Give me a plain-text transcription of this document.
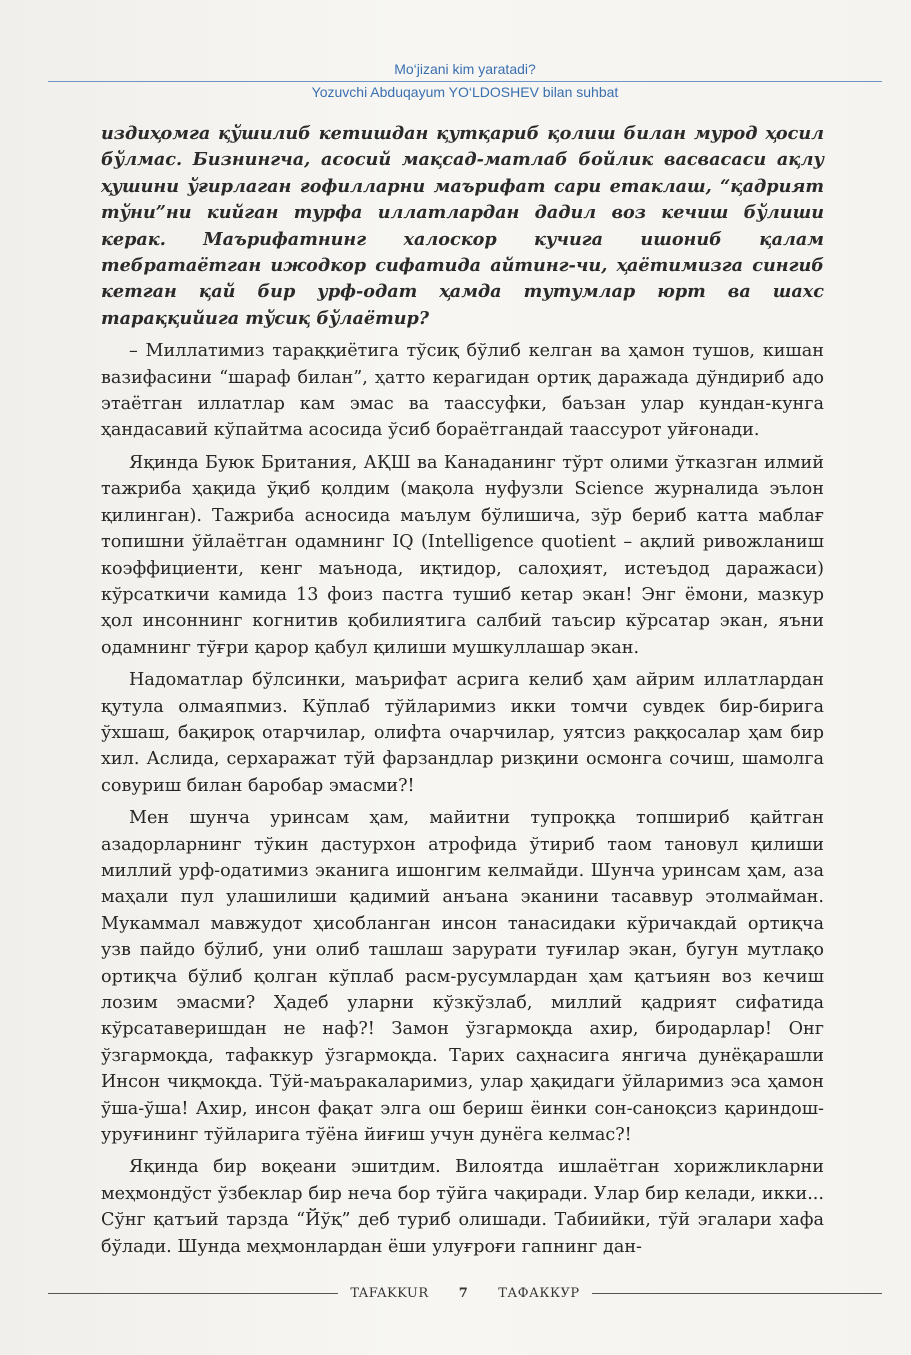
Mo‘jizani kim yaratadi?
Yozuvchi Abduqayum YO‘LDOSHEV bilan suhbat

издиҳомга қўшилиб кетишдан қутқариб қолиш билан мурод ҳосил бўлмас. Бизнингча, асосий мақсад-матлаб бойлик васвасаси ақлу ҳушини ўғирлаган ғофилларни маърифат сари етаклаш, “қадрият тўни”ни кийган турфа иллатлардан дадил воз кечиш бўлиши керак. Маърифатнинг халоскор кучига ишониб қалам тебратаётган ижодкор сифатида айтинг-чи, ҳаётимизга сингиб кетган қай бир урф-одат ҳамда тутумлар юрт ва шахс тараққийига тўсиқ бўлаётир?

– Миллатимиз тараққиётига тўсиқ бўлиб келган ва ҳамон тушов, кишан вазифасини “шараф билан”, ҳатто керагидан ортиқ даражада дўндириб адо этаётган иллатлар кам эмас ва таассуфки, баъзан улар кундан-кунга ҳандасавий кўпайтма асосида ўсиб бораётгандай таассурот уйғонади.

Яқинда Буюк Британия, АҚШ ва Канаданинг тўрт олими ўтказган илмий тажриба ҳақида ўқиб қолдим (мақола нуфузли Science журналида эълон қилинган). Тажриба асносида маълум бўлишича, зўр бериб катта маблағ топишни ўйлаётган одамнинг IQ (Intelligence quotient – ақлий ривожланиш коэффициенти, кенг маънода, иқтидор, салоҳият, истеъдод даражаси) кўрсаткичи камида 13 фоиз пастга тушиб кетар экан! Энг ёмони, мазкур ҳол инсоннинг когнитив қобилиятига салбий таъсир кўрсатар экан, яъни одамнинг тўғри қарор қабул қилиши мушкуллашар экан.

Надоматлар бўлсинки, маърифат асрига келиб ҳам айрим иллатлардан қутула олмаяпмиз. Кўплаб тўйларимиз икки томчи сувдек бир-бирига ўхшаш, бақироқ отарчилар, олифта очарчилар, уятсиз раққосалар ҳам бир хил. Аслида, серхаражат тўй фарзандлар ризқини осмонга сочиш, шамолга совуриш билан баробар эмасми?!

Мен шунча уринсам ҳам, майитни тупроққа топшириб қайтган азадорларнинг тўкин дастурхон атрофида ўтириб таом тановул қилиши миллий урф-одатимиз эканига ишонгим келмайди. Шунча уринсам ҳам, аза маҳали пул улашилиши қадимий анъана эканини тасаввур этолмайман. Мукаммал мавжудот ҳисобланган инсон танасидаки кўричакдай ортиқча узв пайдо бўлиб, уни олиб ташлаш зарурати туғилар экан, бугун мутлақо ортиқча бўлиб қолган кўплаб расм-русумлардан ҳам қатъиян воз кечиш лозим эмасми? Ҳадеб уларни кўзкўзлаб, миллий қадрият сифатида кўрсатаверишдан не наф?! Замон ўзгармоқда ахир, биродарлар! Онг ўзгармоқда, тафаккур ўзгармоқда. Тарих саҳнасига янгича дунёқарашли Инсон чиқмоқда. Тўй-маъракаларимиз, улар ҳақидаги ўйларимиз эса ҳамон ўша-ўша! Ахир, инсон фақат элга ош бериш ёинки сон-саноқсиз қариндош-уруғининг тўйларига тўёна йиғиш учун дунёга келмас?!

Яқинда бир воқеани эшитдим. Вилоятда ишлаётган хорижликларни меҳмондўст ўзбеклар бир неча бор тўйга чақиради. Улар бир келади, икки... Сўнг қатъий тарзда “Йўқ” деб туриб олишади. Табиийки, тўй эгалари хафа бўлади. Шунда меҳмонлардан ёши улуғроғи гапнинг дан-

TAFAKKUR 7 ТАФАККУР
